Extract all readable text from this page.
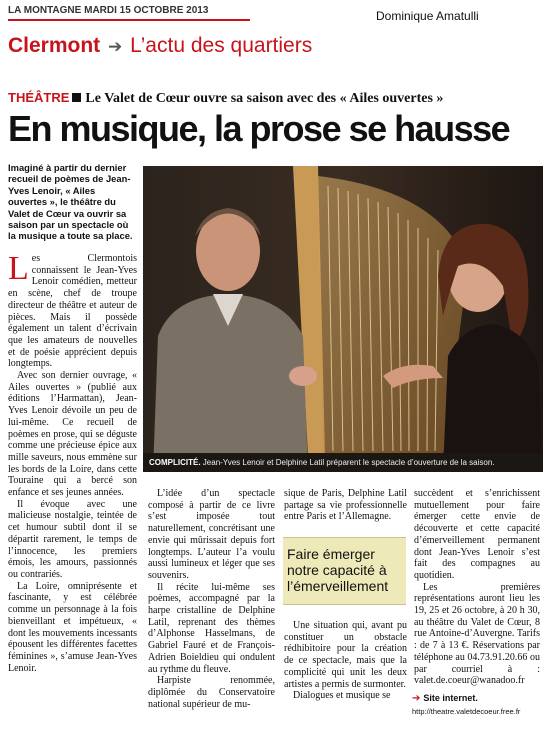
LA MONTAGNE MARDI 15 OCTOBRE 2013	Dominique Amatulli
Clermont ➔ L’actu des quartiers
THÉÂTRE Le Valet de Cœur ouvre sa saison avec des « Ailes ouvertes »
En musique, la prose se hausse
Imaginé à partir du dernier recueil de poèmes de Jean-Yves Lenoir, « Ailes ouvertes », le théâtre du Valet de Cœur va ouvrir sa saison par un spectacle où la musique a toute sa place.
COMPLICITÉ. Jean-Yves Lenoir et Delphine Latil préparent le spectacle d’ouverture de la saison.

Les Clermontois connaissent le Jean-Yves Lenoir comédien, metteur en scène, chef de troupe directeur de théâtre et auteur de pièces. Mais il possède également un talent d’écrivain que les amateurs de nouvelles et de poésie apprécient depuis longtemps.

Avec son dernier ouvrage, « Ailes ouvertes » (publié aux éditions l’Harmattan), Jean-Yves Lenoir dévoile un peu de lui-même. Ce recueil de poèmes en prose, qui se déguste comme une précieuse épice aux mille saveurs, nous emmène sur les bords de la Loire, dans cette Touraine qui a bercé son enfance et ses jeunes années.

Il évoque avec une malicieuse nostalgie, teintée de cet humour subtil dont il se départit rarement, le temps de l’innocence, les premiers émois, les amours, passionnés ou contrariés.

La Loire, omniprésente et fascinante, y est célébrée comme un personnage à la fois bienveillant et impétueux, « dont les mouvements incessants épousent les différentes facettes féminines », s’amuse Jean-Yves Lenoir.

L’idée d’un spectacle composé à partir de ce livre s’est imposée tout naturellement, concrétisant une envie qui mûrissait depuis fort longtemps. L’auteur l’a voulu aussi lumineux et léger que ses souvenirs.

Il récite lui-même ses poèmes, accompagné par la harpe cristalline de Delphine Latil, reprenant des thèmes d’Alphonse Hasselmans, de Gabriel Fauré et de François-Adrien Boieldieu qui ondulent au rythme du fleuve.

Harpiste renommée, diplômée du Conservatoire national supérieur de mu-

sique de Paris, Delphine Latil partage sa vie professionnelle entre Paris et l’Allemagne.

Faire émerger notre capacité à l’émerveillement

Une situation qui, avant pu constituer un obstacle rédhibitoire pour la création de ce spectacle, mais que la complicité qui unit les deux artistes a permis de surmonter.

Dialogues et musique se

succèdent et s’enrichissent mutuellement pour faire émerger cette envie de découverte et cette capacité d’émerveillement permanent dont Jean-Yves Lenoir s’est fait des compagnes au quotidien.

Les premières représentations auront lieu les 19, 25 et 26 octobre, à 20 h 30, au théâtre du Valet de Cœur, 8 rue Antoine-d’Auvergne. Tarifs : de 7 à 13 €. Réservations par téléphone au 04.73.91.20.66 ou par courriel à : valet.de.coeur@wanadoo.fr

➔ Site internet.
http://theatre.valetdecoeur.free.fr
